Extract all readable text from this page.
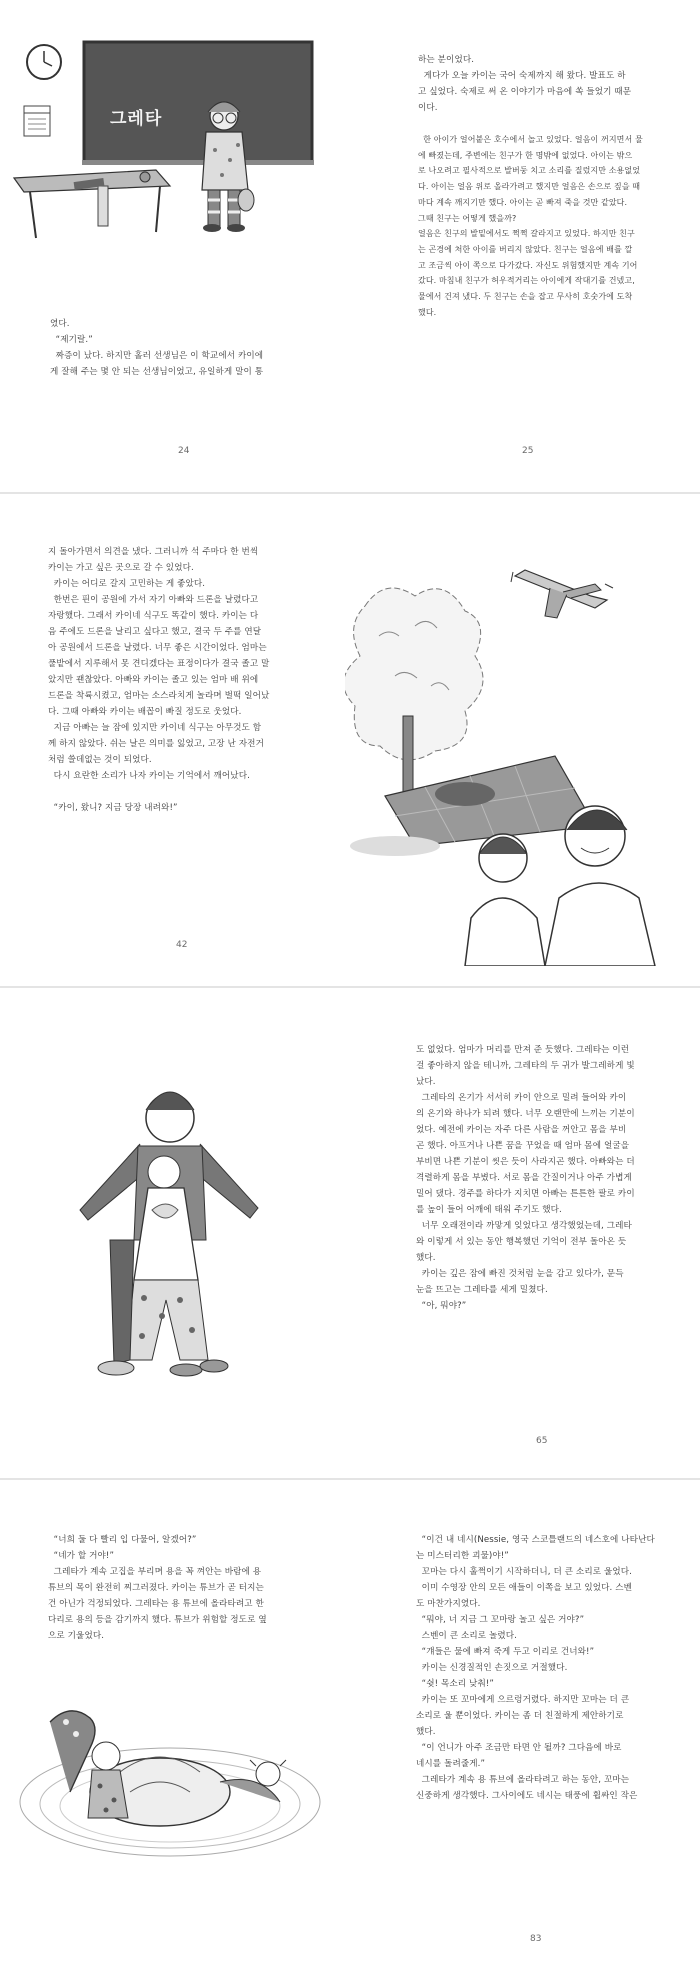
그레타

였다.

“제기랄.”

짜증이 났다. 하지만 홀러 선생님은 이 학교에서 카이에

게 잘해 주는 몇 안 되는 선생님이었고, 유일하게 말이 통

24

하는 분이었다.

게다가 오늘 카이는 국어 숙제까지 해 왔다. 발표도 하

고 싶었다. 숙제로 써 온 이야기가 마음에 쏙 들었기 때문

이다.

한 아이가 얼어붙은 호수에서 놀고 있었다. 얼음이 꺼지면서 물

에 빠졌는데, 주변에는 친구가 한 명밖에 없었다. 아이는 밖으

로 나오려고 필사적으로 발버둥 치고 소리를 질렀지만 소용없었

다. 아이는 얼음 위로 올라가려고 했지만 얼음은 손으로 짚을 때

마다 계속 깨지기만 했다. 아이는 곧 빠져 죽을 것만 같았다.

그때 친구는 어떻게 했을까?

얼음은 친구의 발밑에서도 쩍쩍 갈라지고 있었다. 하지만 친구

는 곤경에 처한 아이를 버리지 않았다. 친구는 얼음에 배를 깔

고 조금씩 아이 쪽으로 다가갔다. 자신도 위험했지만 계속 기어

갔다. 마침내 친구가 허우적거리는 아이에게 작대기를 건넸고,

물에서 건져 냈다. 두 친구는 손을 잡고 무사히 호숫가에 도착

했다.

25

지 돌아가면서 의견을 냈다. 그러니까 석 주마다 한 번씩

카이는 가고 싶은 곳으로 갈 수 있었다.

카이는 어디로 갈지 고민하는 게 좋았다.

한번은 핀이 공원에 가서 자기 아빠와 드론을 날렸다고

자랑했다. 그래서 카이네 식구도 똑같이 했다. 카이는 다

음 주에도 드론을 날리고 싶다고 했고, 결국 두 주를 연달

아 공원에서 드론을 날렸다. 너무 좋은 시간이었다. 엄마는

풀밭에서 지루해서 못 견디겠다는 표정이다가 결국 졸고 말

았지만 괜찮았다. 아빠와 카이는 졸고 있는 엄마 배 위에

드론을 착륙시켰고, 엄마는 소스라치게 놀라며 벌떡 일어났

다. 그때 아빠와 카이는 배꼽이 빠질 정도로 웃었다.

지금 아빠는 늘 잠에 있지만 카이네 식구는 아무것도 함

께 하지 않았다. 쉬는 날은 의미를 잃었고, 고장 난 자전거

처럼 쓸데없는 것이 되었다.

다시 요란한 소리가 나자 카이는 기억에서 깨어났다.

“카이, 왔니? 지금 당장 내려와!”

42

도 없었다. 엄마가 머리를 만져 준 듯했다. 그레타는 이런

걸 좋아하지 않을 테니까, 그레타의 두 귀가 발그레하게 빛

났다.

그레타의 온기가 서서히 카이 안으로 밀려 들어와 카이

의 온기와 하나가 되려 했다. 너무 오랜만에 느끼는 기분이

었다. 예전에 카이는 자주 다른 사람을 꺼안고 몸을 부비

곤 했다. 아프거나 나쁜 꿈을 꾸었을 때 엄마 몸에 얼굴을

부비면 나쁜 기분이 씻은 듯이 사라지곤 했다. 아빠와는 더

격렬하게 몸을 부볐다. 서로 몸을 간질이거나 아주 가볍게

밀어 댔다. 경주를 하다가 지치면 아빠는 튼튼한 팔로 카이

를 높이 들어 어깨에 태워 주기도 했다.

너무 오래전이라 까맣게 잊었다고 생각했었는데, 그레타

와 이렇게 서 있는 동안 행복했던 기억이 전부 돌아온 듯

했다.

카이는 깊은 잠에 빠진 것처럼 눈을 감고 있다가, 문득

눈을 뜨고는 그레타를 세게 밀쳤다.

“아, 뭐야?”

65

“너희 둘 다 빨리 입 다물어, 알겠어?”

“네가 할 거야!”

그레타가 계속 고집을 부리며 용을 꼭 껴안는 바람에 용

튜브의 목이 완전히 찌그러졌다. 카이는 튜브가 곧 터지는

건 아닌가 걱정되었다. 그레타는 용 튜브에 올라타려고 한

다리로 용의 등을 감기까지 했다. 튜브가 위험할 정도로 옆

으로 기울었다.

“이건 내 네시(Nessie, 영국 스코틀랜드의 네스호에 나타난다

는 미스터리한 괴물)야!”

꼬마는 다시 훌쩍이기 시작하더니, 더 큰 소리로 울었다.

이미 수영장 안의 모든 애들이 이쪽을 보고 있었다. 스벤

도 마찬가지였다.

“뭐야, 너 지금 그 꼬마랑 놀고 싶은 거야?”

스벤이 큰 소리로 놀렸다.

“걔들은 물에 빠져 죽게 두고 이리로 건너와!”

카이는 신경질적인 손짓으로 거절했다.

“쉿! 목소리 낮춰!”

카이는 또 꼬마에게 으르렁거렸다. 하지만 꼬마는 더 큰

소리로 울 뿐이었다. 카이는 좀 더 친절하게 제안하기로

했다.

“이 언니가 아주 조금만 타면 안 될까? 그다음에 바로

네시를 돌려줄게.”

그레타가 계속 용 튜브에 올라타려고 하는 동안, 꼬마는

신중하게 생각했다. 그사이에도 네시는 태풍에 휩싸인 작은

83
